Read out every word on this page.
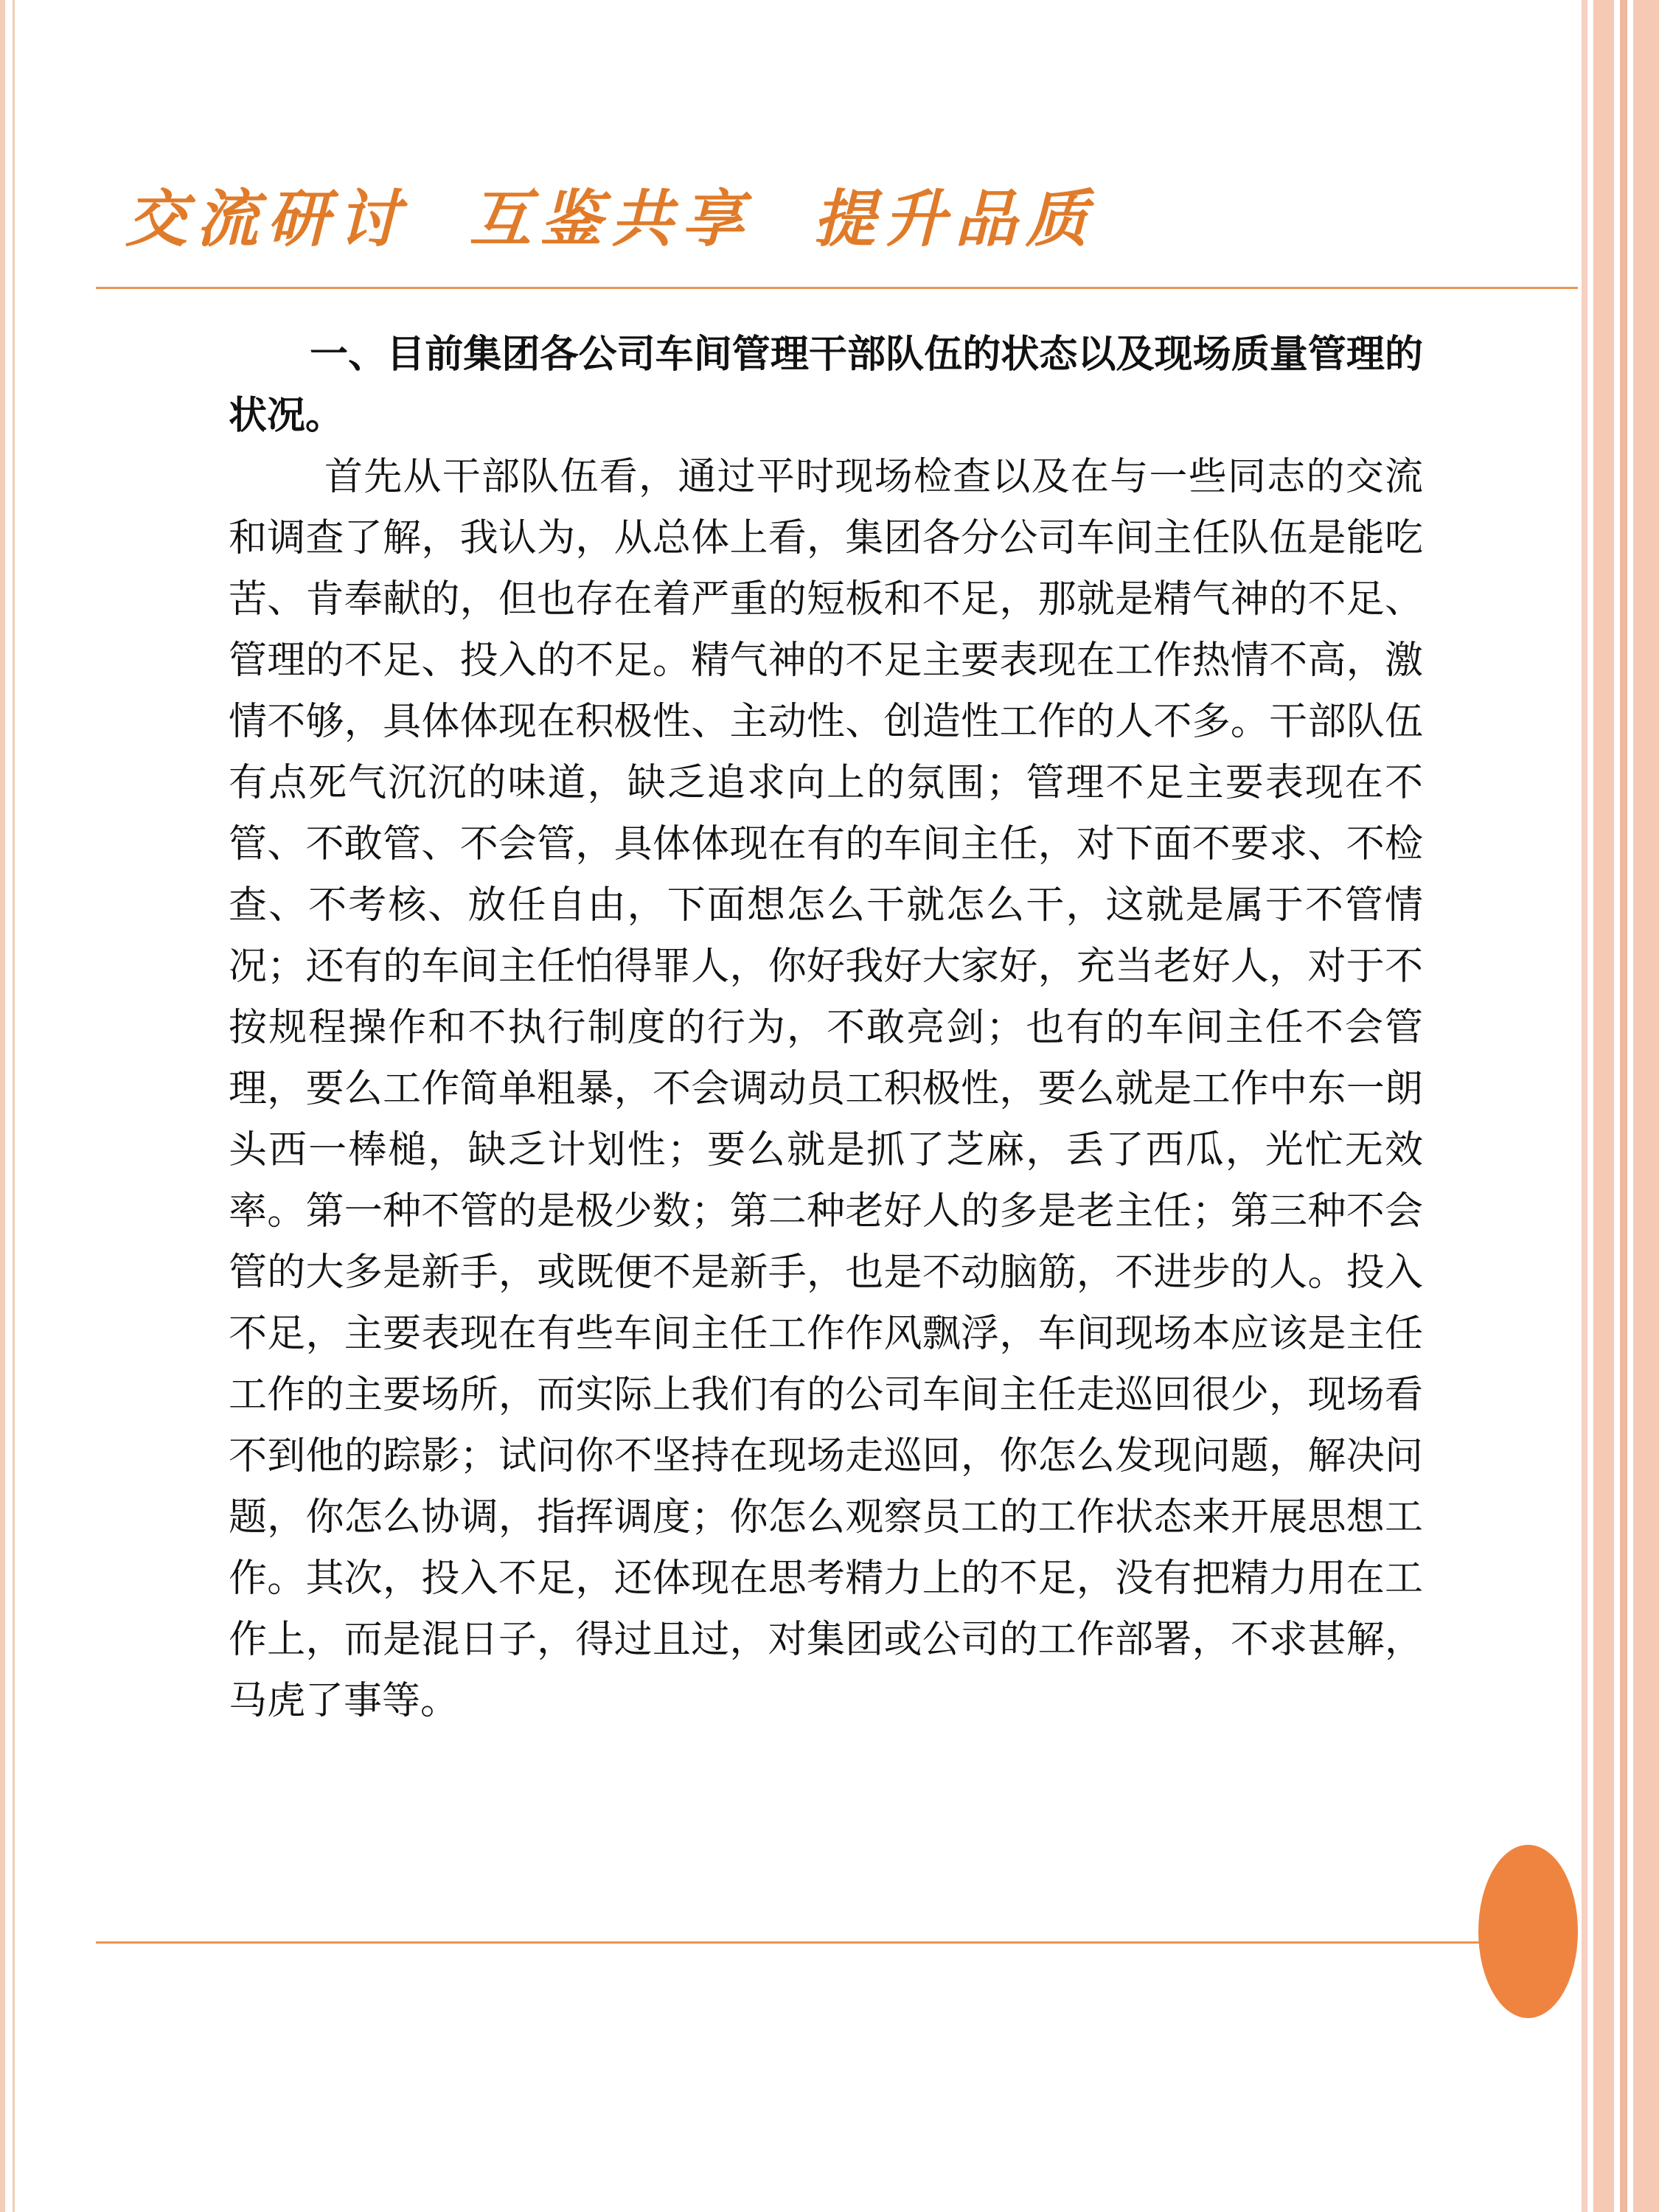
交流研讨  互鉴共享  提升品质

一、目前集团各公司车间管理干部队伍的状态以及现场质量管理的状况。

首先从干部队伍看，通过平时现场检查以及在与一些同志的交流和调查了解，我认为，从总体上看，集团各分公司车间主任队伍是能吃苦、肯奉献的，但也存在着严重的短板和不足，那就是精气神的不足、管理的不足、投入的不足。精气神的不足主要表现在工作热情不高，激情不够，具体体现在积极性、主动性、创造性工作的人不多。干部队伍有点死气沉沉的味道，缺乏追求向上的氛围；管理不足主要表现在不管、不敢管、不会管，具体体现在有的车间主任，对下面不要求、不检查、不考核、放任自由，下面想怎么干就怎么干，这就是属于不管情况；还有的车间主任怕得罪人，你好我好大家好，充当老好人，对于不按规程操作和不执行制度的行为，不敢亮剑；也有的车间主任不会管理，要么工作简单粗暴，不会调动员工积极性，要么就是工作中东一朗头西一棒槌，缺乏计划性；要么就是抓了芝麻，丢了西瓜，光忙无效率。第一种不管的是极少数；第二种老好人的多是老主任；第三种不会管的大多是新手，或既便不是新手，也是不动脑筋，不进步的人。投入不足，主要表现在有些车间主任工作作风飘浮，车间现场本应该是主任工作的主要场所，而实际上我们有的公司车间主任走巡回很少，现场看不到他的踪影；试问你不坚持在现场走巡回，你怎么发现问题，解决问题，你怎么协调，指挥调度；你怎么观察员工的工作状态来开展思想工作。其次，投入不足，还体现在思考精力上的不足，没有把精力用在工作上，而是混日子，得过且过，对集团或公司的工作部署，不求甚解，马虎了事等。
